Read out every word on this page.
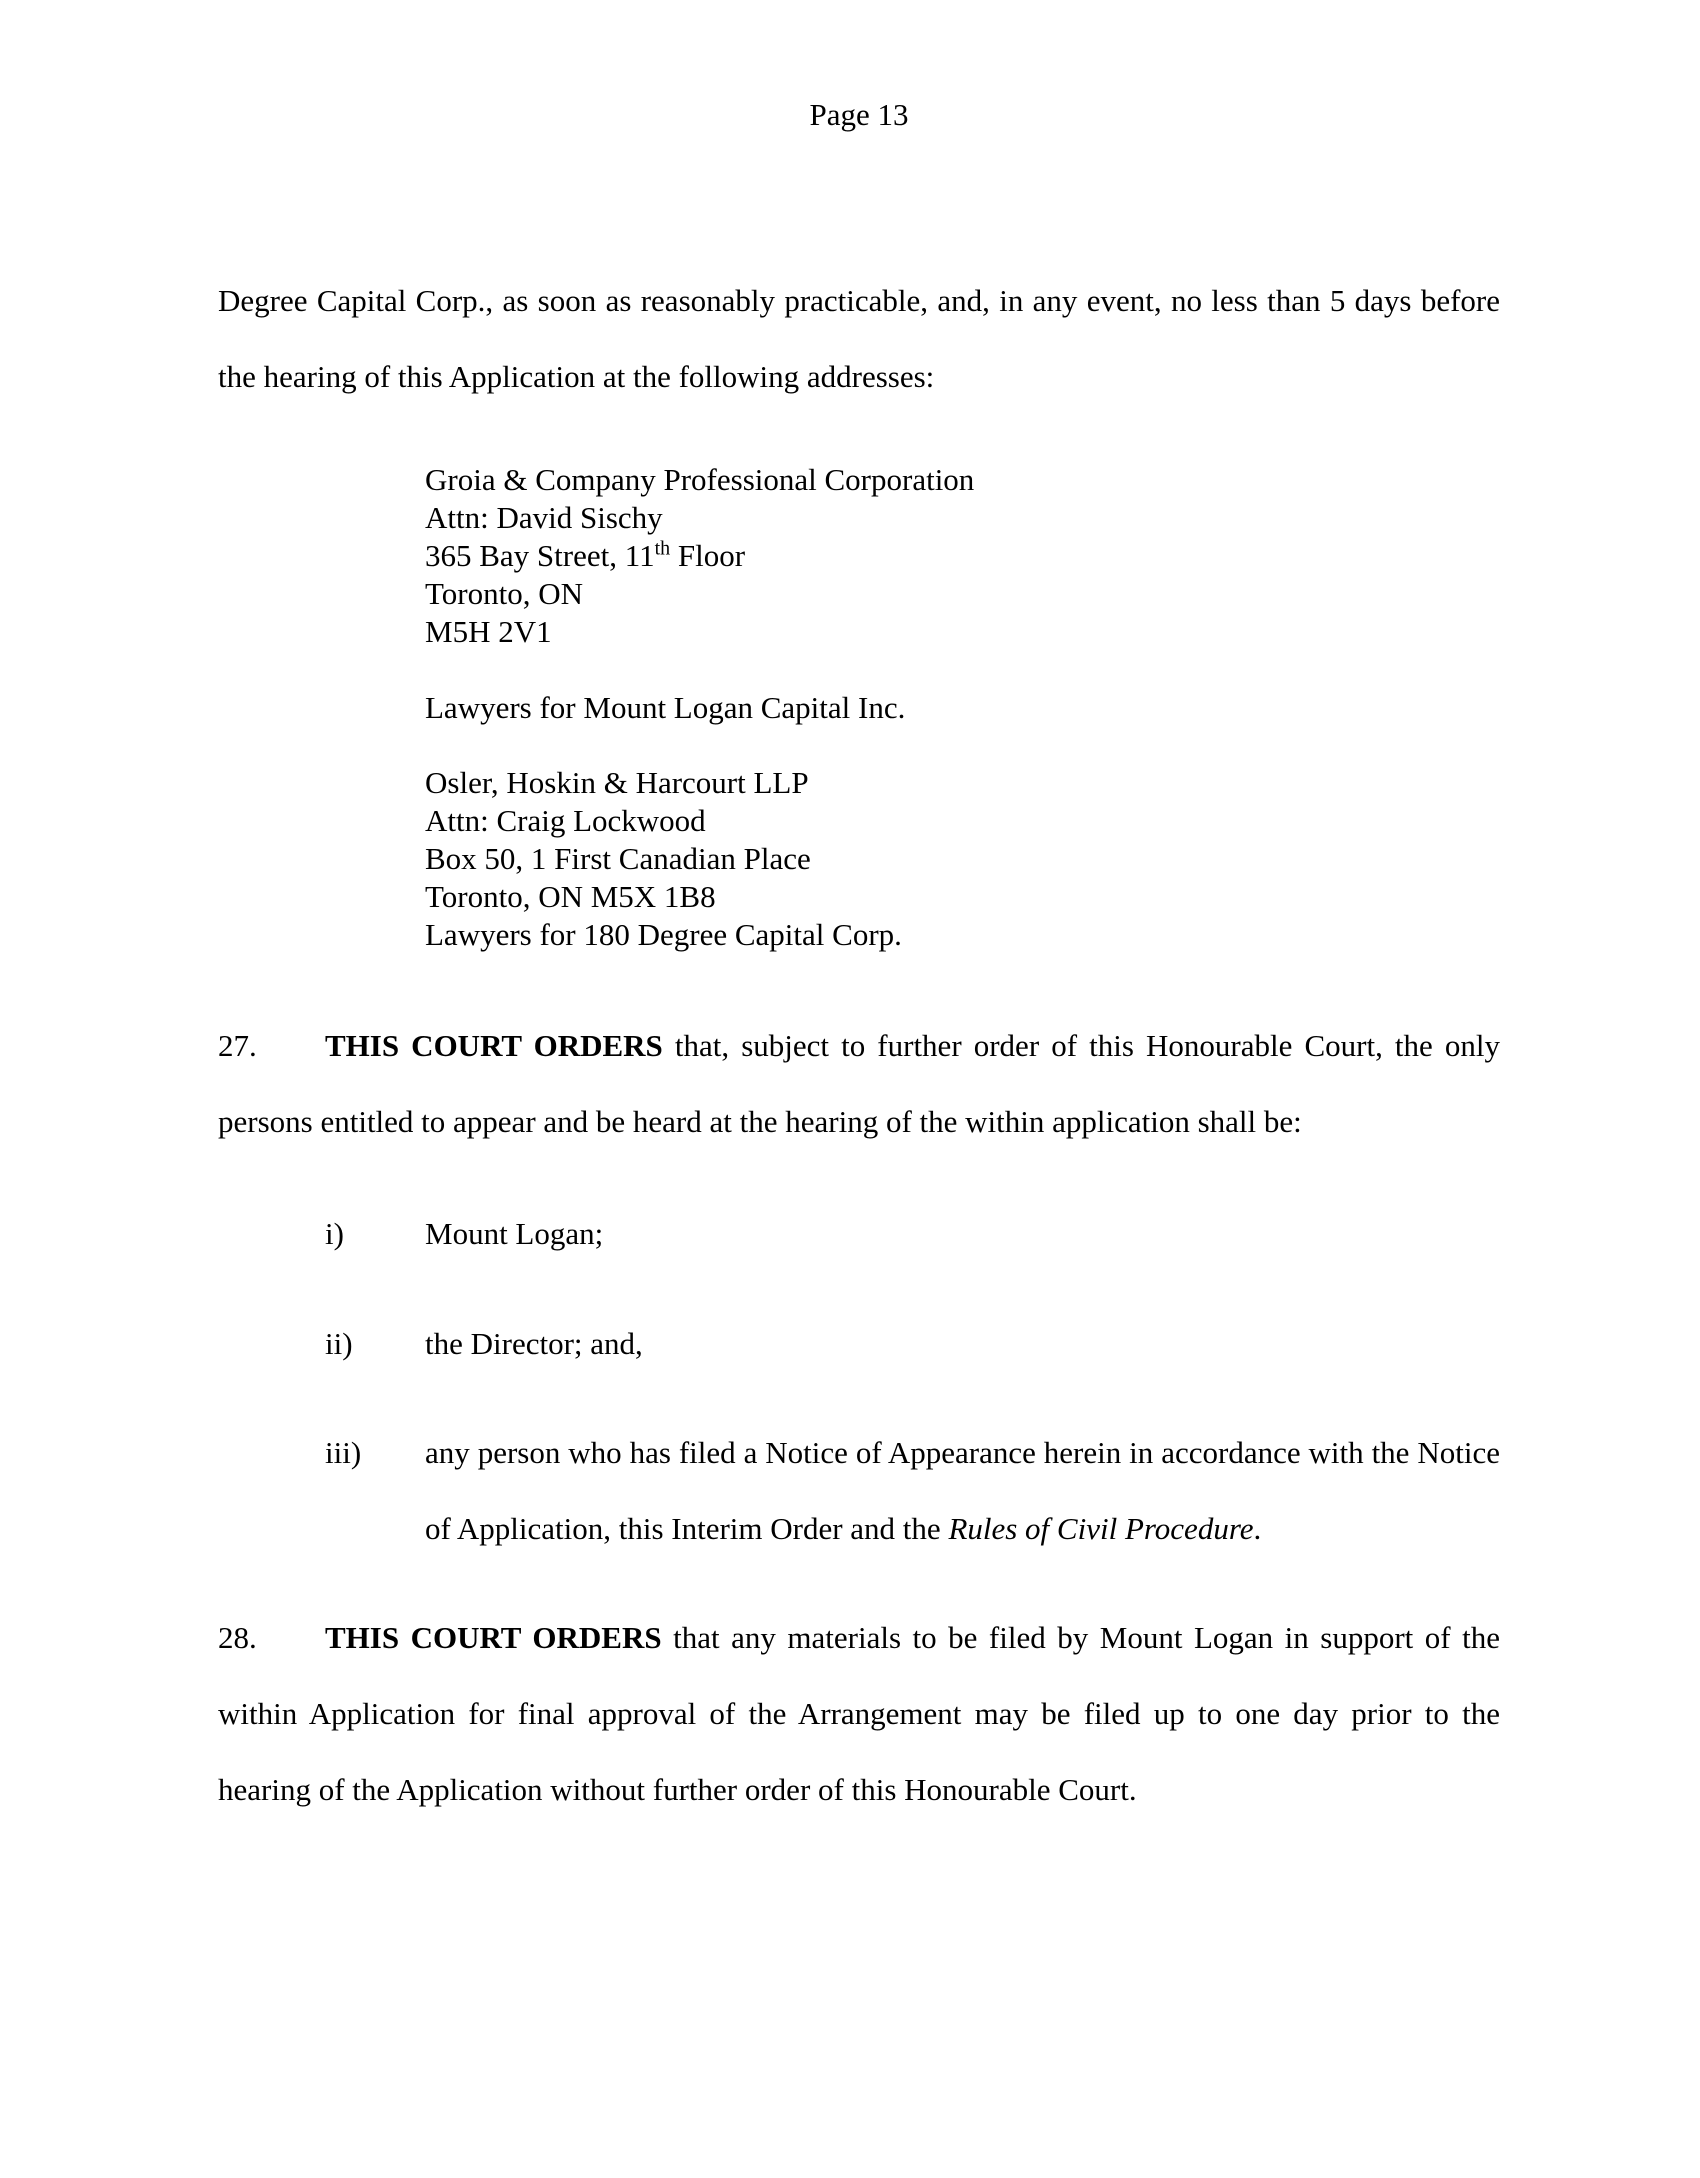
Page 13

Degree Capital Corp., as soon as reasonably practicable, and, in any event, no less than 5 days before the hearing of this Application at the following addresses:

Groia & Company Professional Corporation
Attn: David Sischy
365 Bay Street, 11th Floor
Toronto, ON
M5H 2V1
Lawyers for Mount Logan Capital Inc.
Osler, Hoskin & Harcourt LLP
Attn: Craig Lockwood
Box 50, 1 First Canadian Place
Toronto, ON M5X 1B8
Lawyers for 180 Degree Capital Corp.

27. THIS COURT ORDERS that, subject to further order of this Honourable Court, the only persons entitled to appear and be heard at the hearing of the within application shall be:

i)	Mount Logan;
ii) the Director; and,
iii) any person who has filed a Notice of Appearance herein in accordance with the Notice of Application, this Interim Order and the Rules of Civil Procedure.

28. THIS COURT ORDERS that any materials to be filed by Mount Logan in support of the within Application for final approval of the Arrangement may be filed up to one day prior to the hearing of the Application without further order of this Honourable Court.
